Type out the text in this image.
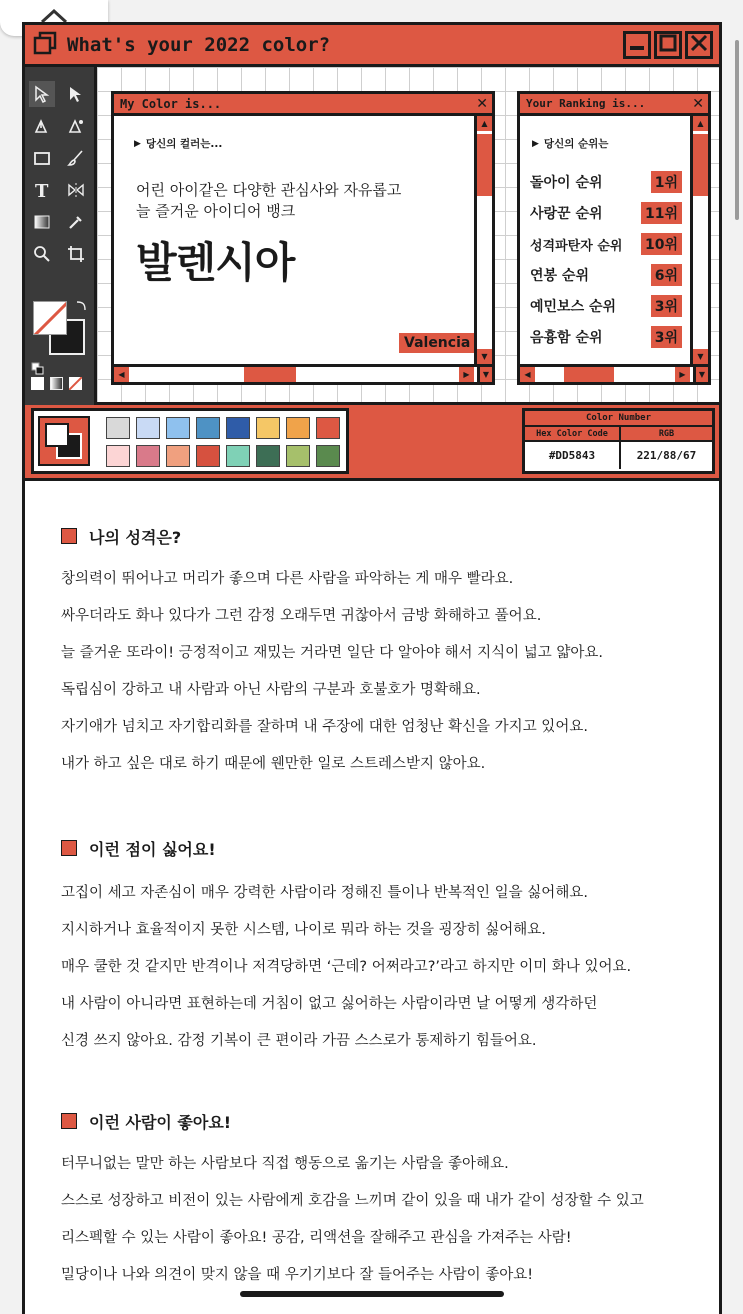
What's your 2022 color?
T
My Color is...	✕
▶ 당신의 컬러는...
어린 아이같은 다양한 관심사와 자유롭고
늘 즐거운 아이디어 뱅크
발렌시아
Valencia
▲
▼
◀	▶	▼
Your Ranking is...	✕
▶ 당신의 순위는
돌아이 순위	1위
사랑꾼 순위	11위
성격파탄자 순위 10위
연봉 순위	6위
예민보스 순위	3위
음흉함 순위	3위
▲
▼
◀	▶	▼
Color Number
Hex Color Code	RGB
#DD5843	221/88/67
나의 성격은?
창의력이 뛰어나고 머리가 좋으며 다른 사람을 파악하는 게 매우 빨라요.
싸우더라도 화나 있다가 그런 감정 오래두면 귀찮아서 금방 화해하고 풀어요.
늘 즐거운 또라이! 긍정적이고 재밌는 거라면 일단 다 알아야 해서 지식이 넓고 얇아요.
독립심이 강하고 내 사람과 아닌 사람의 구분과 호불호가 명확해요.
자기애가 넘치고 자기합리화를 잘하며 내 주장에 대한 엄청난 확신을 가지고 있어요.
내가 하고 싶은 대로 하기 때문에 웬만한 일로 스트레스받지 않아요.
이런 점이 싫어요!
고집이 세고 자존심이 매우 강력한 사람이라 정해진 틀이나 반복적인 일을 싫어해요.
지시하거나 효율적이지 못한 시스템, 나이로 뭐라 하는 것을 굉장히 싫어해요.
매우 쿨한 것 같지만 반격이나 저격당하면 ‘근데? 어쩌라고?’라고 하지만 이미 화나 있어요.
내 사람이 아니라면 표현하는데 거침이 없고 싫어하는 사람이라면 날 어떻게 생각하던
신경 쓰지 않아요. 감정 기복이 큰 편이라 가끔 스스로가 통제하기 힘들어요.
이런 사람이 좋아요!
터무니없는 말만 하는 사람보다 직접 행동으로 옮기는 사람을 좋아해요.
스스로 성장하고 비전이 있는 사람에게 호감을 느끼며 같이 있을 때 내가 같이 성장할 수 있고
리스펙할 수 있는 사람이 좋아요! 공감, 리액션을 잘해주고 관심을 가져주는 사람!
밀당이나 나와 의견이 맞지 않을 때 우기기보다 잘 들어주는 사람이 좋아요!
